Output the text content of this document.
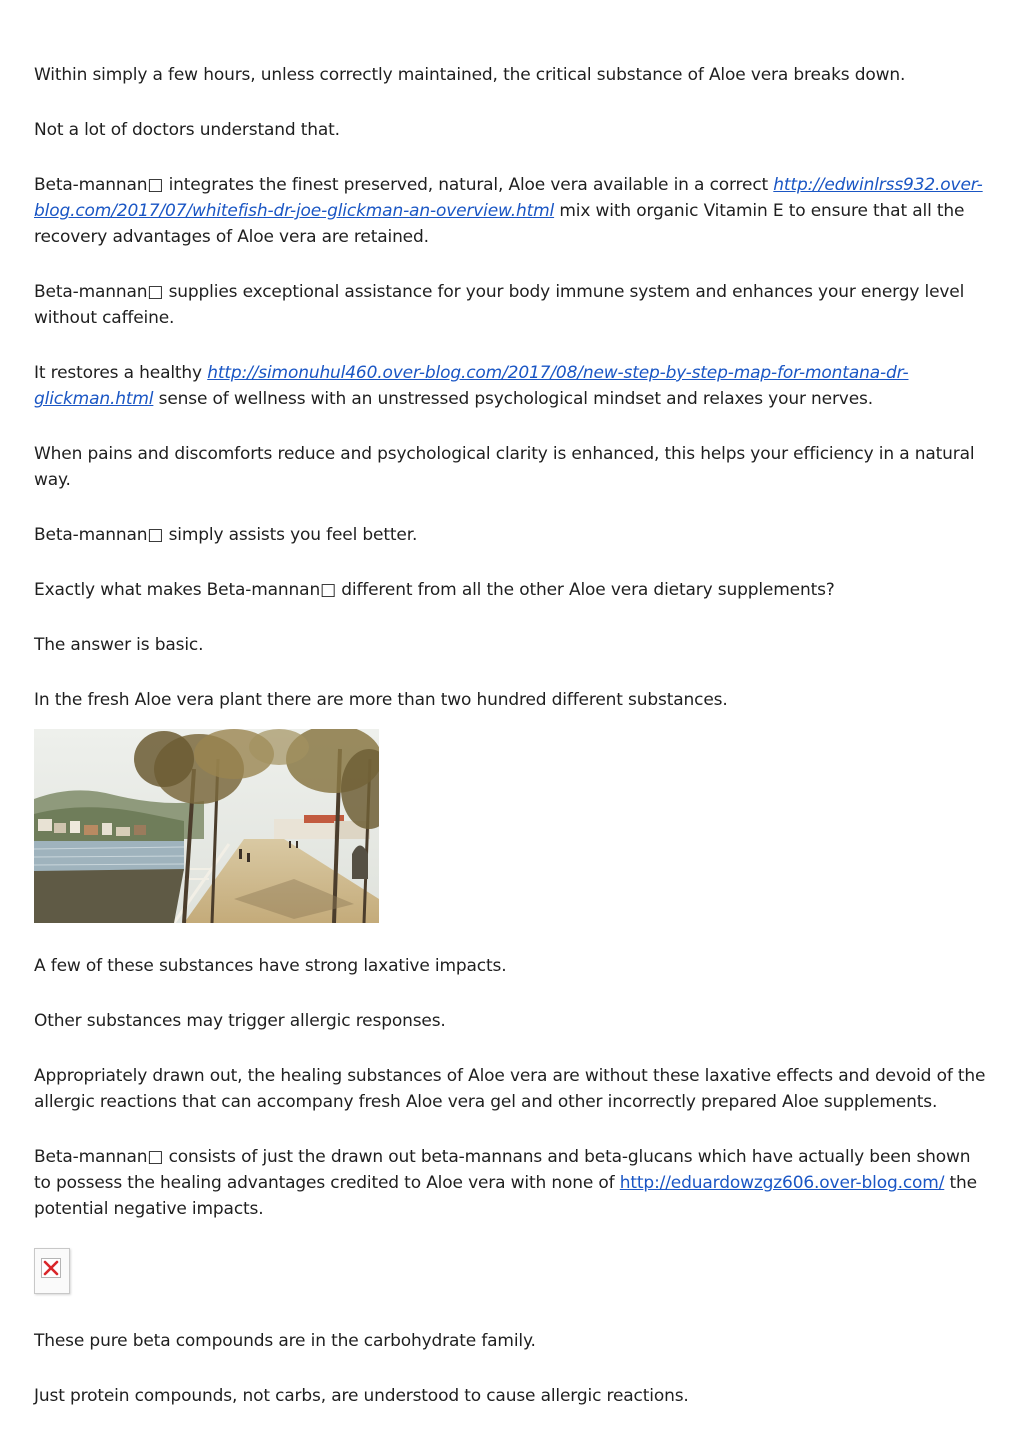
Within simply a few hours, unless correctly maintained, the critical substance of Aloe vera breaks down.

Not a lot of doctors understand that.

Beta-mannan□ integrates the finest preserved, natural, Aloe vera available in a correct http://edwinlrss932.over-blog.com/2017/07/whitefish-dr-joe-glickman-an-overview.html mix with organic Vitamin E to ensure that all the recovery advantages of Aloe vera are retained.

Beta-mannan□ supplies exceptional assistance for your body immune system and enhances your energy level without caffeine.

It restores a healthy http://simonuhul460.over-blog.com/2017/08/new-step-by-step-map-for-montana-dr-glickman.html sense of wellness with an unstressed psychological mindset and relaxes your nerves.

When pains and discomforts reduce and psychological clarity is enhanced, this helps your efficiency in a natural way.

Beta-mannan□ simply assists you feel better.

Exactly what makes Beta-mannan□ different from all the other Aloe vera dietary supplements?

The answer is basic.

In the fresh Aloe vera plant there are more than two hundred different substances.

A few of these substances have strong laxative impacts.

Other substances may trigger allergic responses.

Appropriately drawn out, the healing substances of Aloe vera are without these laxative effects and devoid of the allergic reactions that can accompany fresh Aloe vera gel and other incorrectly prepared Aloe supplements.

Beta-mannan□ consists of just the drawn out beta-mannans and beta-glucans which have actually been shown to possess the healing advantages credited to Aloe vera with none of http://eduardowzgz606.over-blog.com/ the potential negative impacts.

These pure beta compounds are in the carbohydrate family.

Just protein compounds, not carbs, are understood to cause allergic reactions.
